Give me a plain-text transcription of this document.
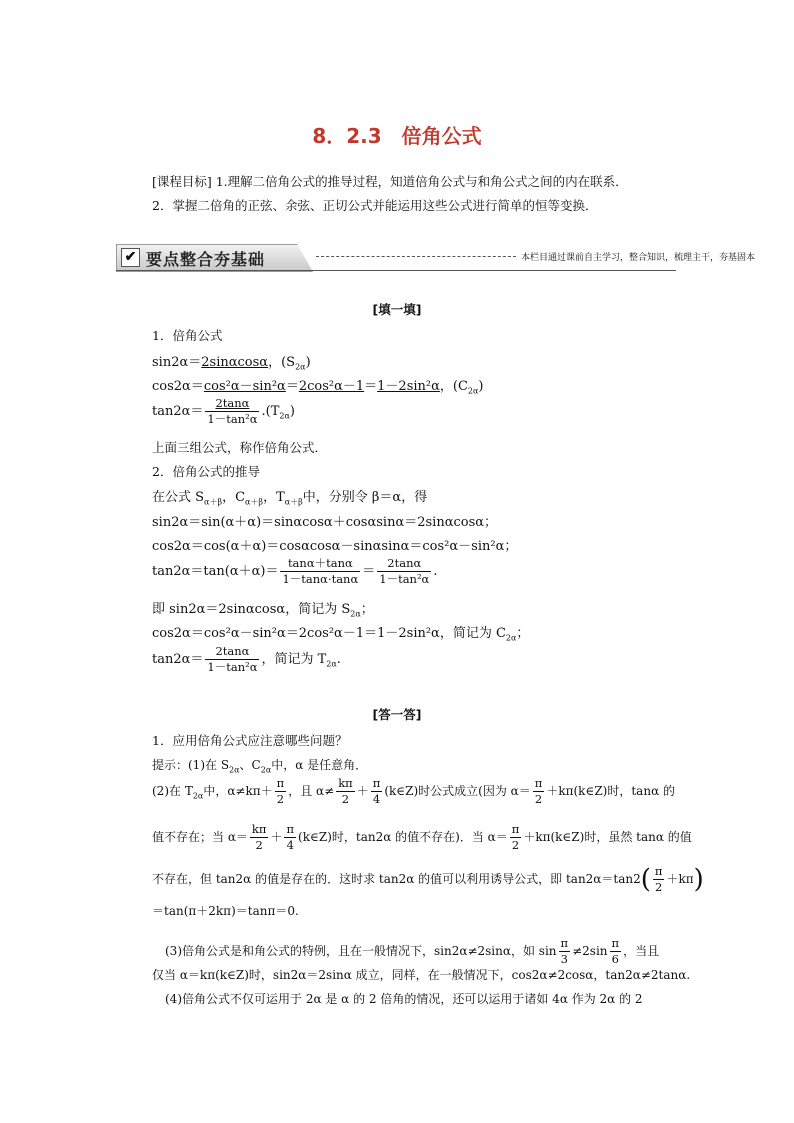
8．2.3　倍角公式
[课程目标] 1.理解二倍角公式的推导过程，知道倍角公式与和角公式之间的内在联系．
2．掌握二倍角的正弦、余弦、正切公式并能运用这些公式进行简单的恒等变换．
✔ 要点整合夯基础	本栏目通过课前自主学习，整合知识，梳理主干，夯基固本
[填一填]
1．倍角公式
sin2α＝2sinαcosα，$(S_{2\alpha})$
cos2α＝cos²α－sin²α＝2cos²α－1＝1－2sin²α，$(C_{2\alpha})$
$\tan 2\alpha= \frac{2\tan\alpha}{\text{1－tan²α}} .(T_{2\alpha})$
上面三组公式，称作倍角公式．
2．倍角公式的推导
在公式 $S_{\alpha+\beta}$，$C_{\alpha+\beta}$，$T_{\alpha+\beta}$中，分别令 β＝α，得
sin2α＝sin(α＋α)＝sinαcosα＋cosαsinα＝2sinαcosα；
cos2α＝cos(α＋α)＝cosαcosα－sinαsinα＝cos²α－sin²α；
$\tan 2\alpha=\tan(\alpha+\alpha)= \frac{\tan\alpha+\tan\alpha}{1-\tan\alpha\cdot\tan\alpha} = \frac{2\tan\alpha}{\text{1－tan²α}}$ .
即 sin2α＝2sinαcosα，简记为 $S_{2\alpha}$；
cos2α＝cos²α－sin²α＝2cos²α－1＝1－2sin²α，简记为 $C_{2\alpha}$；
$\tan 2\alpha= \frac{2\tan\alpha}{\text{1－tan²α}}$ ，简记为 $T_{2\alpha}$.
[答一答]
1．应用倍角公式应注意哪些问题？
提示：(1)在 $S_{2\alpha}$、$C_{2\alpha}$中，α 是任意角．
(2)在 $T_{2\alpha}$中，$\alpha\ne k\pi+ \frac{\pi}{2}$ ，且 $\alpha\ne \frac{k\pi}{2} + \frac{\pi}{4}$ (k∈Z)时公式成立(因为 $\alpha= \frac{\pi}{2}$ ＋kπ(k∈Z)时，tanα 的
值不存在；当 $\alpha= \frac{k\pi}{2} + \frac{\pi}{4}$ (k∈Z)时，tan2α 的值不存在)．当 $\alpha= \frac{\pi}{2}$ ＋kπ(k∈Z)时，虽然 tanα 的值
不存在，但 tan2α 的值是存在的．这时求 tan2α 的值可以利用诱导公式，即 $\tan 2\alpha=\tan 2( \frac{\pi}{2} +k\pi)$
＝tan(π＋2kπ)＝tanπ＝0.
(3)倍角公式是和角公式的特例，且在一般情况下，sin2α≠2sinα，如 $\sin \frac{\pi}{3} \ne 2\sin \frac{\pi}{6}$ ，当且
仅当 α＝kπ(k∈Z)时，sin2α＝2sinα 成立，同样，在一般情况下，cos2α≠2cosα，tan2α≠2tanα.
(4)倍角公式不仅可运用于 2α 是 α 的 2 倍角的情况，还可以运用于诸如 4α 作为 2α 的 2
